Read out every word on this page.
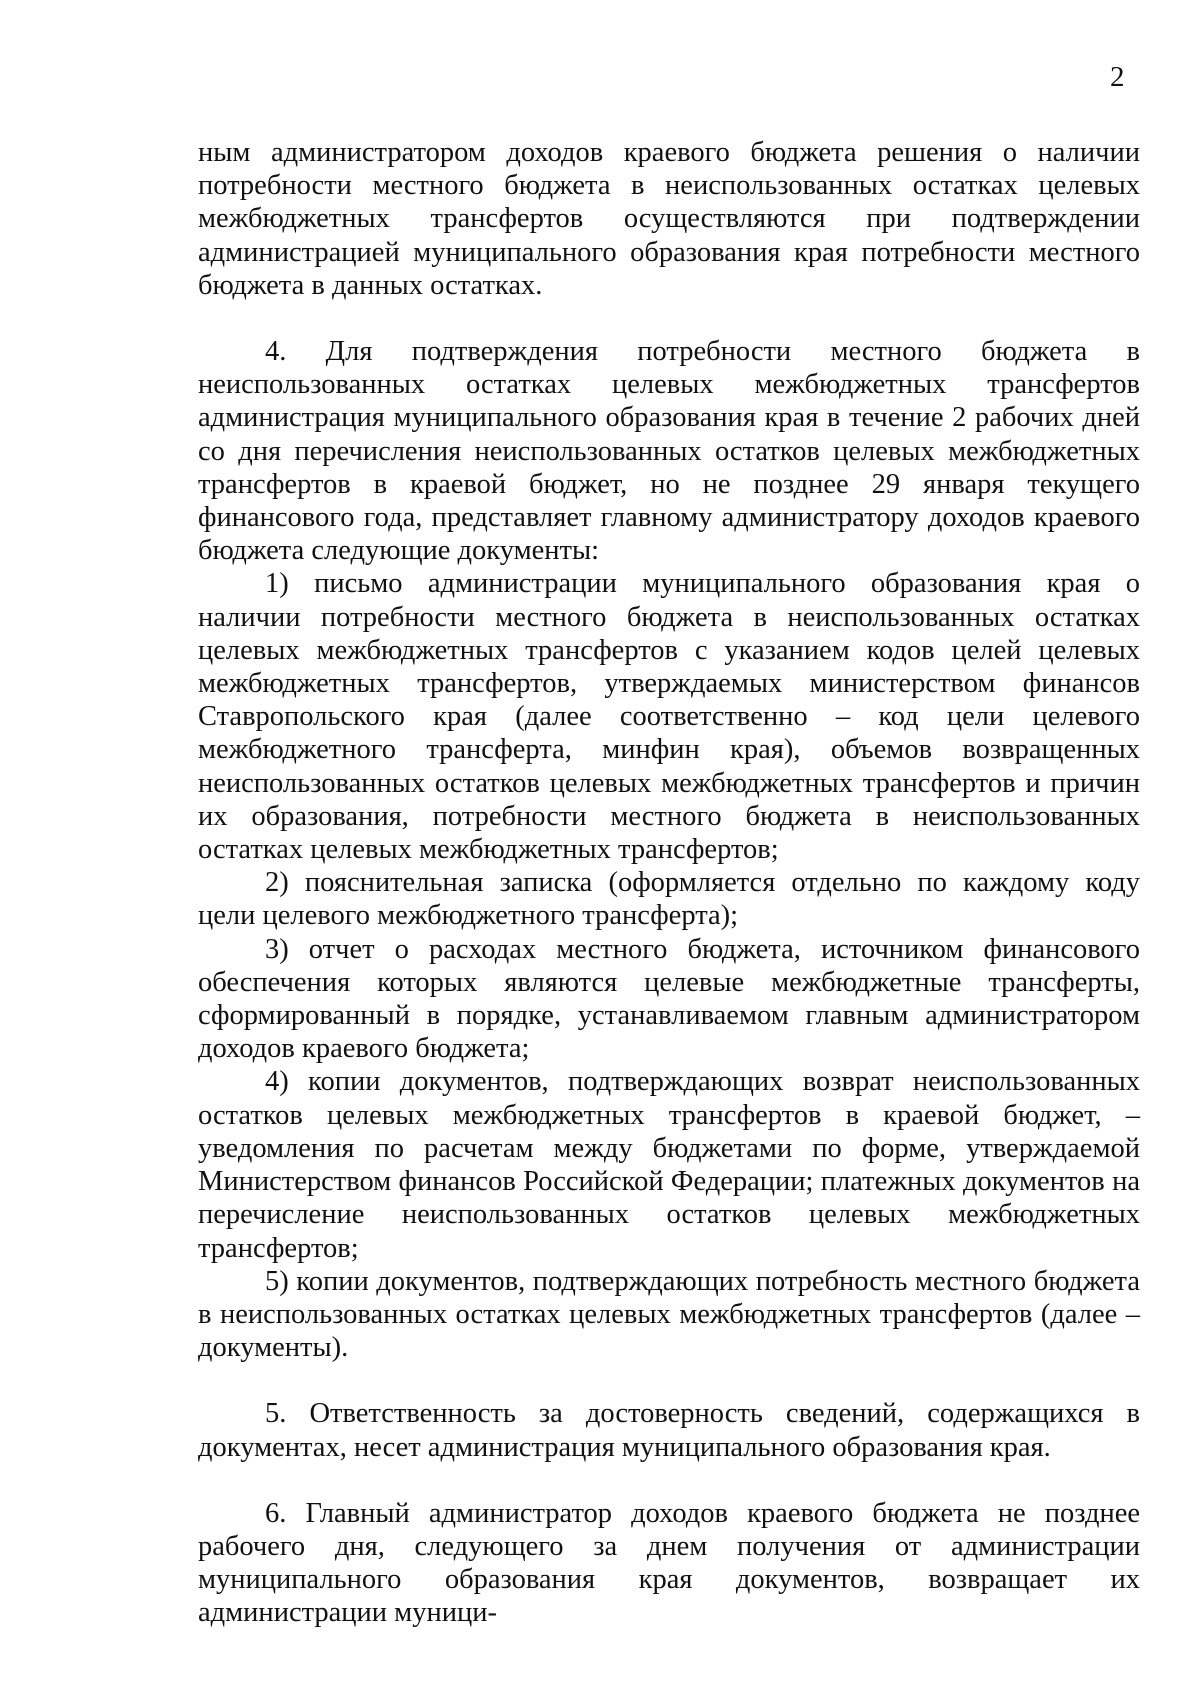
2

ным администратором доходов краевого бюджета решения о наличии потребности местного бюджета в неиспользованных остатках целевых межбюджетных трансфертов осуществляются при подтверждении администрацией муниципального образования края потребности местного бюджета в данных остатках.

4. Для подтверждения потребности местного бюджета в неиспользованных остатках целевых межбюджетных трансфертов администрация муниципального образования края в течение 2 рабочих дней со дня перечисления неиспользованных остатков целевых межбюджетных трансфертов в краевой бюджет, но не позднее 29 января текущего финансового года, представляет главному администратору доходов краевого бюджета следующие документы:

1) письмо администрации муниципального образования края о наличии потребности местного бюджета в неиспользованных остатках целевых межбюджетных трансфертов с указанием кодов целей целевых межбюджетных трансфертов, утверждаемых министерством финансов Ставропольского края (далее соответственно – код цели целевого межбюджетного трансферта, минфин края), объемов возвращенных неиспользованных остатков целевых межбюджетных трансфертов и причин их образования, потребности местного бюджета в неиспользованных остатках целевых межбюджетных трансфертов;

2) пояснительная записка (оформляется отдельно по каждому коду цели целевого межбюджетного трансферта);

3) отчет о расходах местного бюджета, источником финансового обеспечения которых являются целевые межбюджетные трансферты, сформированный в порядке, устанавливаемом главным администратором доходов краевого бюджета;

4) копии документов, подтверждающих возврат неиспользованных остатков целевых межбюджетных трансфертов в краевой бюджет, – уведомления по расчетам между бюджетами по форме, утверждаемой Министерством финансов Российской Федерации; платежных документов на перечисление неиспользованных остатков целевых межбюджетных трансфертов;

5) копии документов, подтверждающих потребность местного бюджета в неиспользованных остатках целевых межбюджетных трансфертов (далее – документы).

5. Ответственность за достоверность сведений, содержащихся в документах, несет администрация муниципального образования края.

6. Главный администратор доходов краевого бюджета не позднее рабочего дня, следующего за днем получения от администрации муниципального образования края документов, возвращает их администрации муници-
